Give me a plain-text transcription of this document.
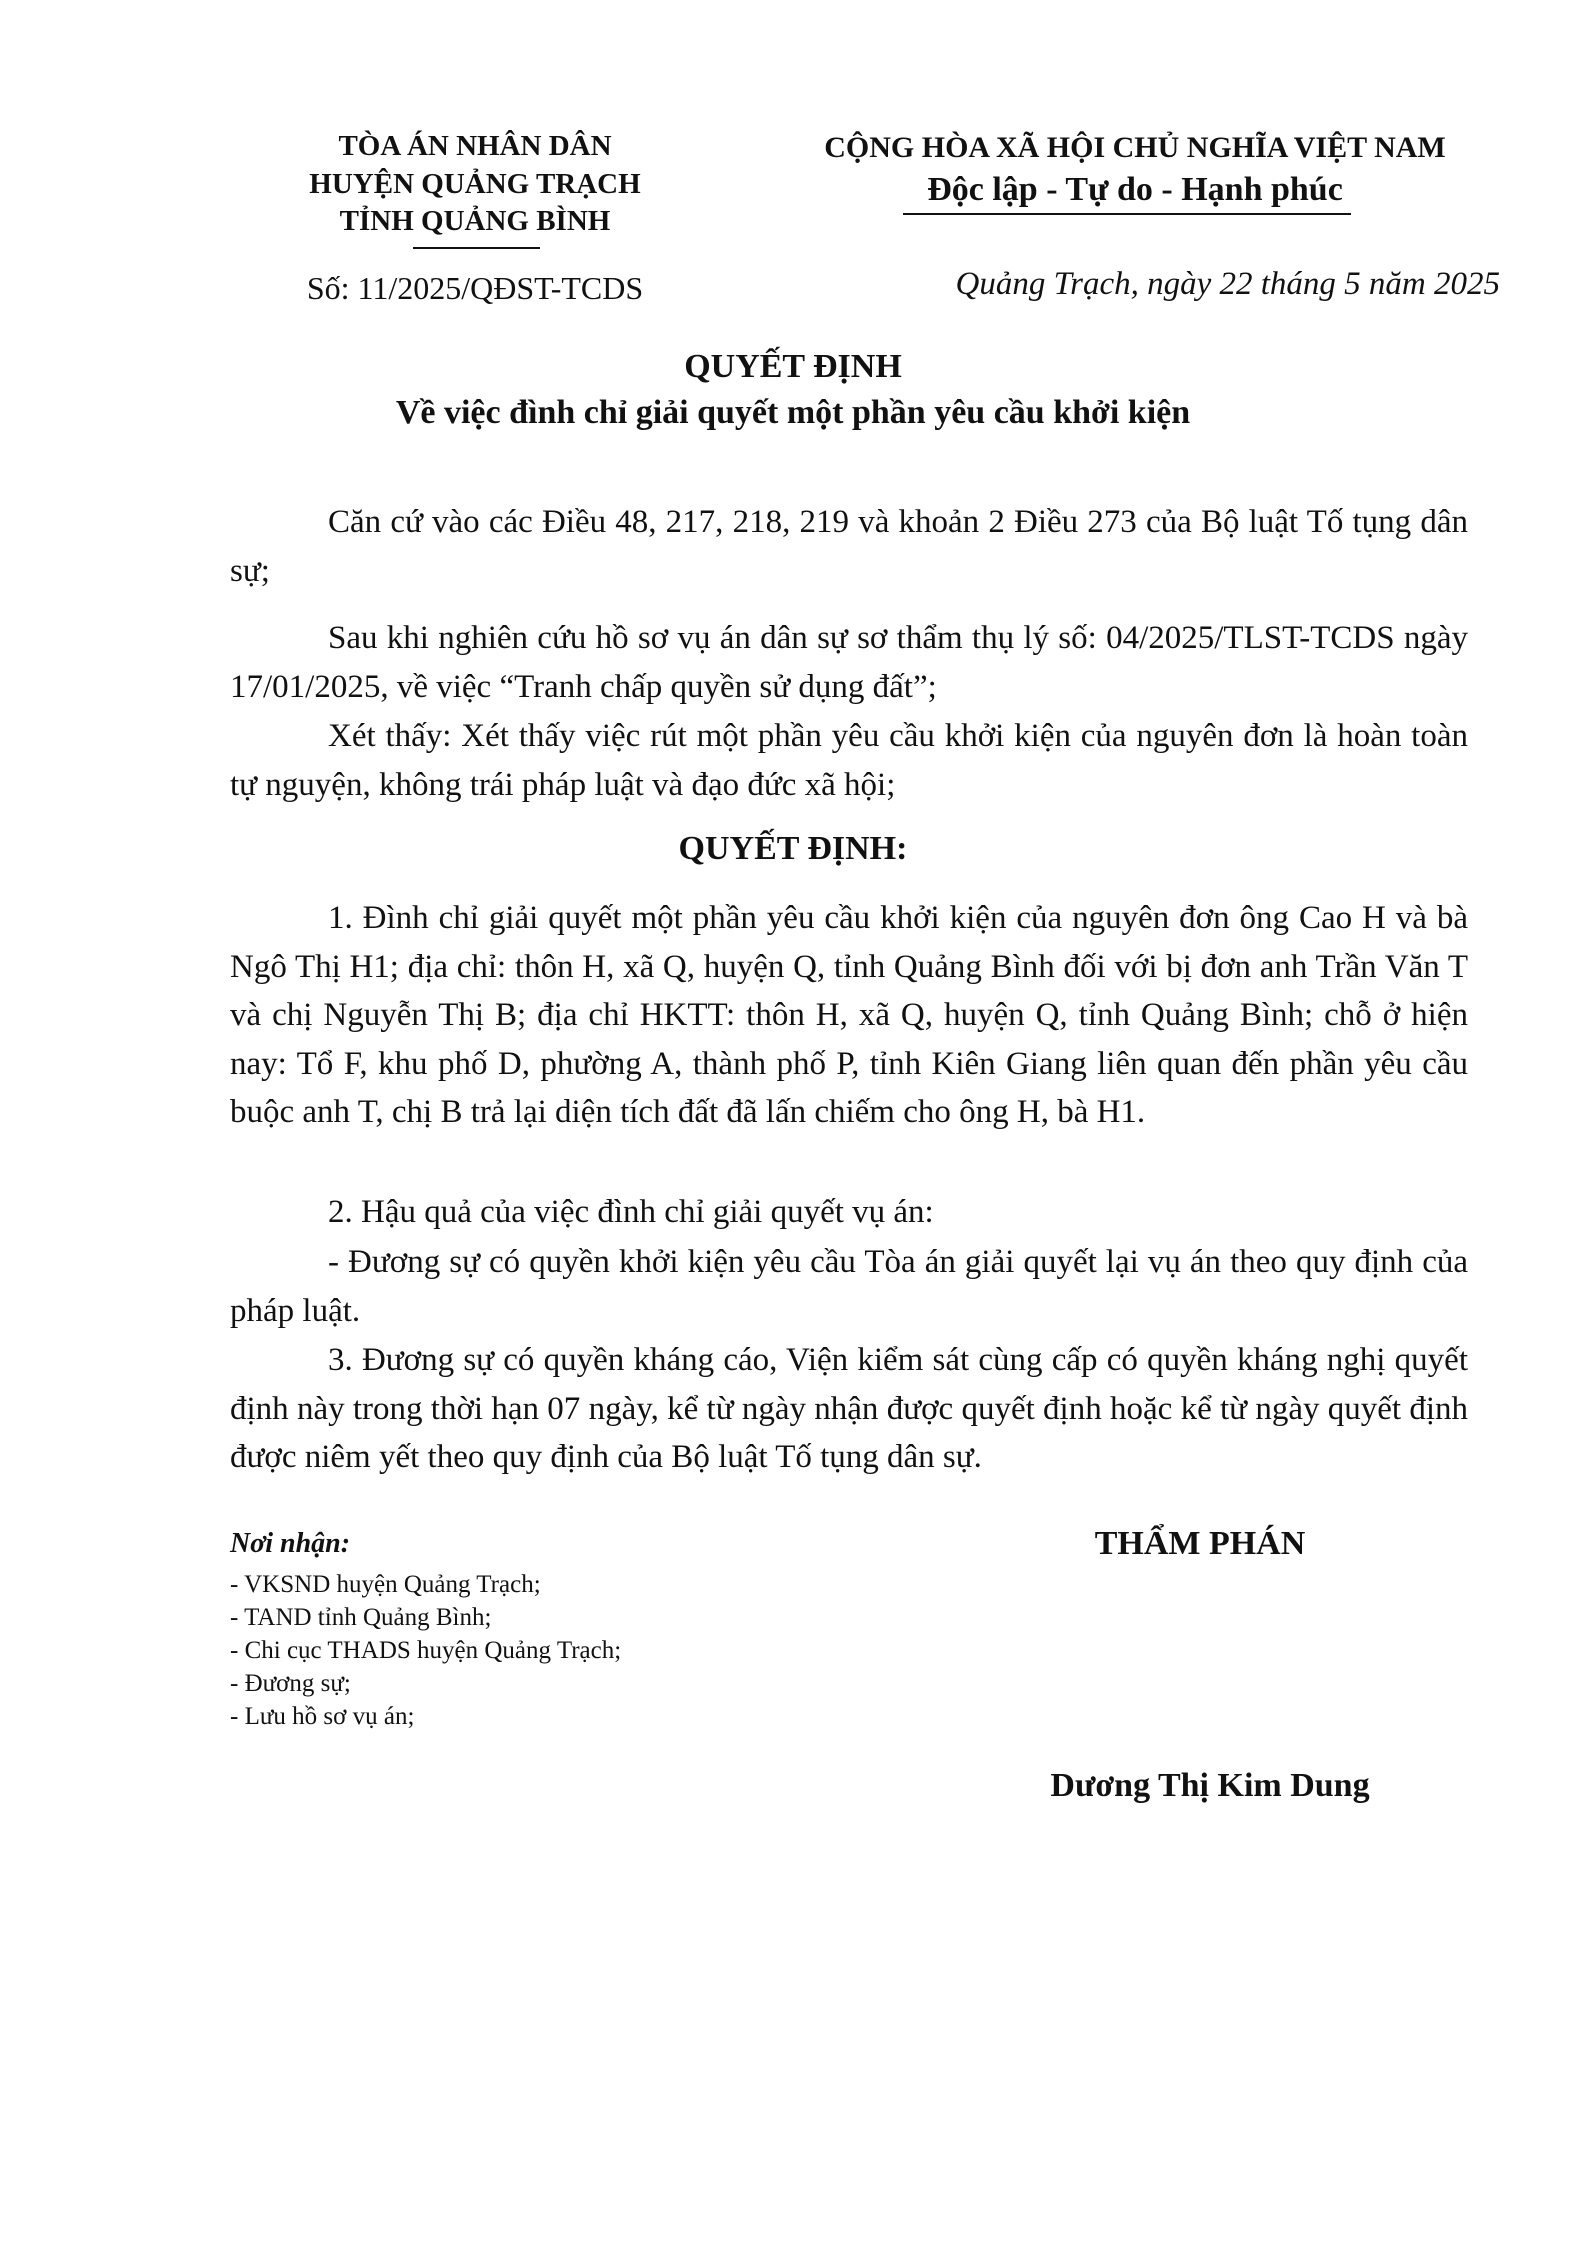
TÒA ÁN NHÂN DÂN
HUYỆN QUẢNG TRẠCH
TỈNH QUẢNG BÌNH
CỘNG HÒA XÃ HỘI CHỦ NGHĨA VIỆT NAM
Độc lập - Tự do - Hạnh phúc
Số: 11/2025/QĐST-TCDS	Quảng Trạch, ngày 22 tháng 5 năm 2025
QUYẾT ĐỊNH
Về việc đình chỉ giải quyết một phần yêu cầu khởi kiện
Căn cứ vào các Điều 48, 217, 218, 219 và khoản 2 Điều 273 của Bộ luật Tố tụng dân sự;
Sau khi nghiên cứu hồ sơ vụ án dân sự sơ thẩm thụ lý số: 04/2025/TLST-TCDS ngày 17/01/2025, về việc “Tranh chấp quyền sử dụng đất”;
Xét thấy: Xét thấy việc rút một phần yêu cầu khởi kiện của nguyên đơn là hoàn toàn tự nguyện, không trái pháp luật và đạo đức xã hội;
QUYẾT ĐỊNH:
1. Đình chỉ giải quyết một phần yêu cầu khởi kiện của nguyên đơn ông Cao H và bà Ngô Thị H1; địa chỉ: thôn H, xã Q, huyện Q, tỉnh Quảng Bình đối với bị đơn anh Trần Văn T và chị Nguyễn Thị B; địa chỉ HKTT: thôn H, xã Q, huyện Q, tỉnh Quảng Bình; chỗ ở hiện nay: Tổ F, khu phố D, phường A, thành phố P, tỉnh Kiên Giang liên quan đến phần yêu cầu buộc anh T, chị B trả lại diện tích đất đã lấn chiếm cho ông H, bà H1.
2. Hậu quả của việc đình chỉ giải quyết vụ án:
- Đương sự có quyền khởi kiện yêu cầu Tòa án giải quyết lại vụ án theo quy định của pháp luật.
3. Đương sự có quyền kháng cáo, Viện kiểm sát cùng cấp có quyền kháng nghị quyết định này trong thời hạn 07 ngày, kể từ ngày nhận được quyết định hoặc kể từ ngày quyết định được niêm yết theo quy định của Bộ luật Tố tụng dân sự.
Nơi nhận:
- VKSND huyện Quảng Trạch;
- TAND tỉnh Quảng Bình;
- Chi cục THADS huyện Quảng Trạch;
- Đương sự;
- Lưu hồ sơ vụ án;
THẨM PHÁN
Dương Thị Kim Dung
